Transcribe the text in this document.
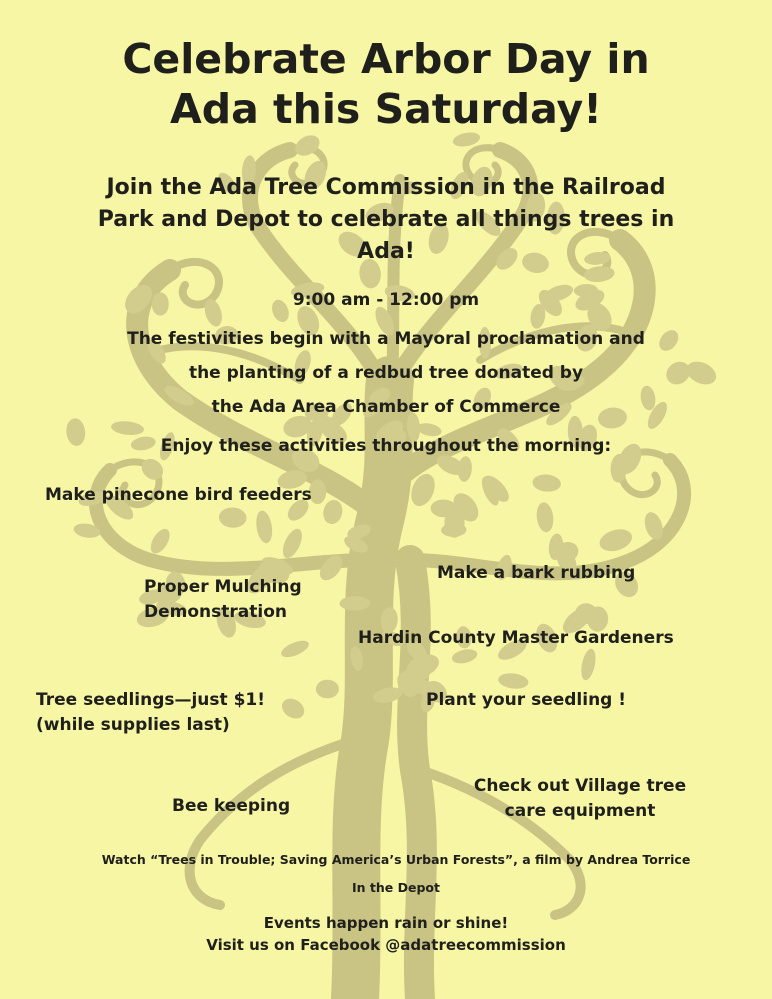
Celebrate Arbor Day in
Ada this Saturday!
Join the Ada Tree Commission in the Railroad
Park and Depot to celebrate all things trees in
Ada!
9:00 am - 12:00 pm
The festivities begin with a Mayoral proclamation and
the planting of a redbud tree donated by
the Ada Area Chamber of Commerce
Enjoy these activities throughout the morning:
Make pinecone bird feeders
Proper Mulching
Demonstration
Make a bark rubbing
Hardin County Master Gardeners
Tree seedlings—just $1!
(while supplies last)
Plant your seedling !
Check out Village tree
care equipment
Bee keeping
Watch “Trees in Trouble; Saving America’s Urban Forests”, a film by Andrea Torrice
In the Depot
Events happen rain or shine!
Visit us on Facebook @adatreecommission
